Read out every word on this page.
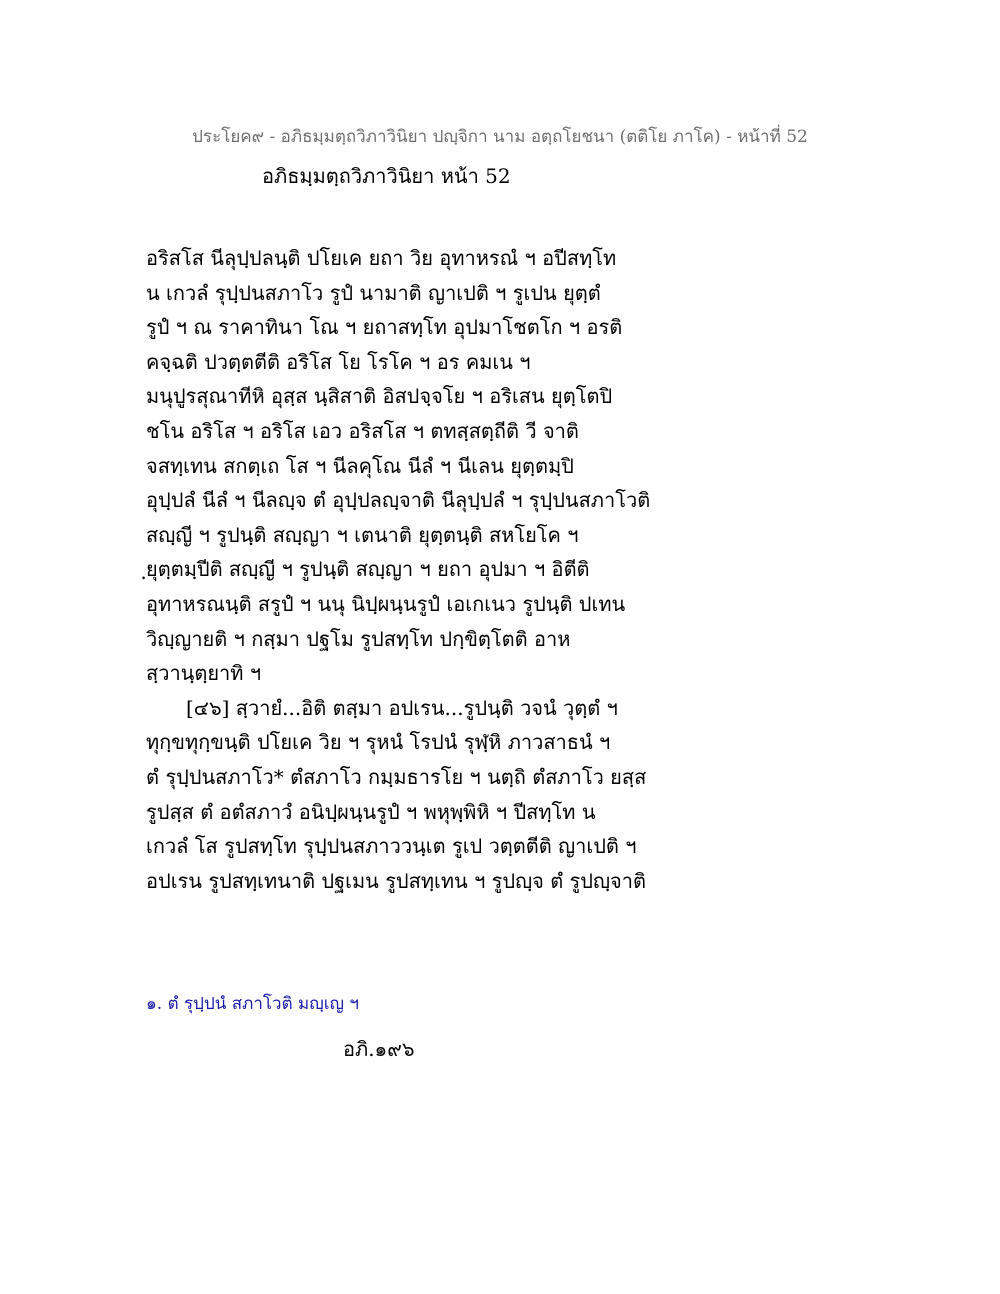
ประโยค๙ - อภิธมฺมตฺถวิภาวินิยา ปญฺจิกา นาม อตฺถโยชนา (ตติโย ภาโค) - หน้าที่ 52
อภิธมฺมตฺถวิภาวินิยา หน้า 52
อริสโส นีลุปฺปลนฺติ ปโยเค ยถา วิย อุทาหรณํ ฯ อปีสทฺโท
น เกวลํ รุปฺปนสภาโว รูปํ นามาติ ญาเปติ ฯ รูเปน ยุตฺตํ
รูปํ ฯ ณ ราคาทินา โณ ฯ ยถาสทฺโท อุปมาโชตโก ฯ อรติ
คจฺฉติ ปวตฺตตีติ อริโส โย โรโค ฯ อร คมเน ฯ
มนุปูรสุณาทีหิ อุสฺส นฺสิสาติ อิสปจฺจโย ฯ อริเสน ยุตฺโตปิ
ชโน อริโส ฯ อริโส เอว อริสโส ฯ ตทสฺสตฺถีติ วี จาติ
จสทฺเทน สกตฺเถ โส ฯ นีลคุโณ นีลํ ฯ นีเลน ยุตฺตมฺปิ
อุปฺปลํ นีลํ ฯ นีลญฺจ ตํ อุปฺปลญฺจาติ นีลุปฺปลํ ฯ รุปฺปนสภาโวติ
สญฺญี ฯ รูปนฺติ สญฺญา ฯ เตนาติ ยุตฺตนฺติ สหโยโค ฯ
ฺยุตฺตมฺปีติ สญฺญี ฯ รูปนฺติ สญฺญา ฯ ยถา อุปมา ฯ อิตีติ
อุทาหรณนฺติ สรูปํ ฯ นนุ นิปฺผนฺนรูปํ เอเกเนว รูปนฺติ ปเทน
วิญฺญายติ ฯ กสฺมา ปฐโม รูปสทฺโท ปกฺขิตฺโตติ อาห
สฺวานฺตฺยาทิ ฯ
[๔๖] สฺวายํ...อิติ ตสฺมา อปเรน...รูปนฺติ วจนํ วุตฺตํ ฯ
ทุกฺขทุกฺขนฺติ ปโยเค วิย ฯ รุหนํ โรปนํ รุฬฺหิ ภาวสาธนํ ฯ
ตํ รุปฺปนสภาโว* ตํสภาโว กมฺมธารโย ฯ นตฺถิ ตํสภาโว ยสฺส
รูปสฺส ตํ อตํสภาวํ อนิปฺผนฺนรูปํ ฯ พหุพฺพิหิ ฯ ปีสทฺโท น
เกวลํ โส รูปสทฺโท รุปฺปนสภาววนฺเต รูเป วตฺตตีติ ญาเปติ ฯ
อปเรน รูปสทฺเทนาติ ปฐเมน รูปสทฺเทน ฯ รูปญฺจ ตํ รูปญฺจาติ
๑. ตํ รุปฺปนํ สภาโวติ มญฺเญ ฯ
อภิ.๑๙๖
